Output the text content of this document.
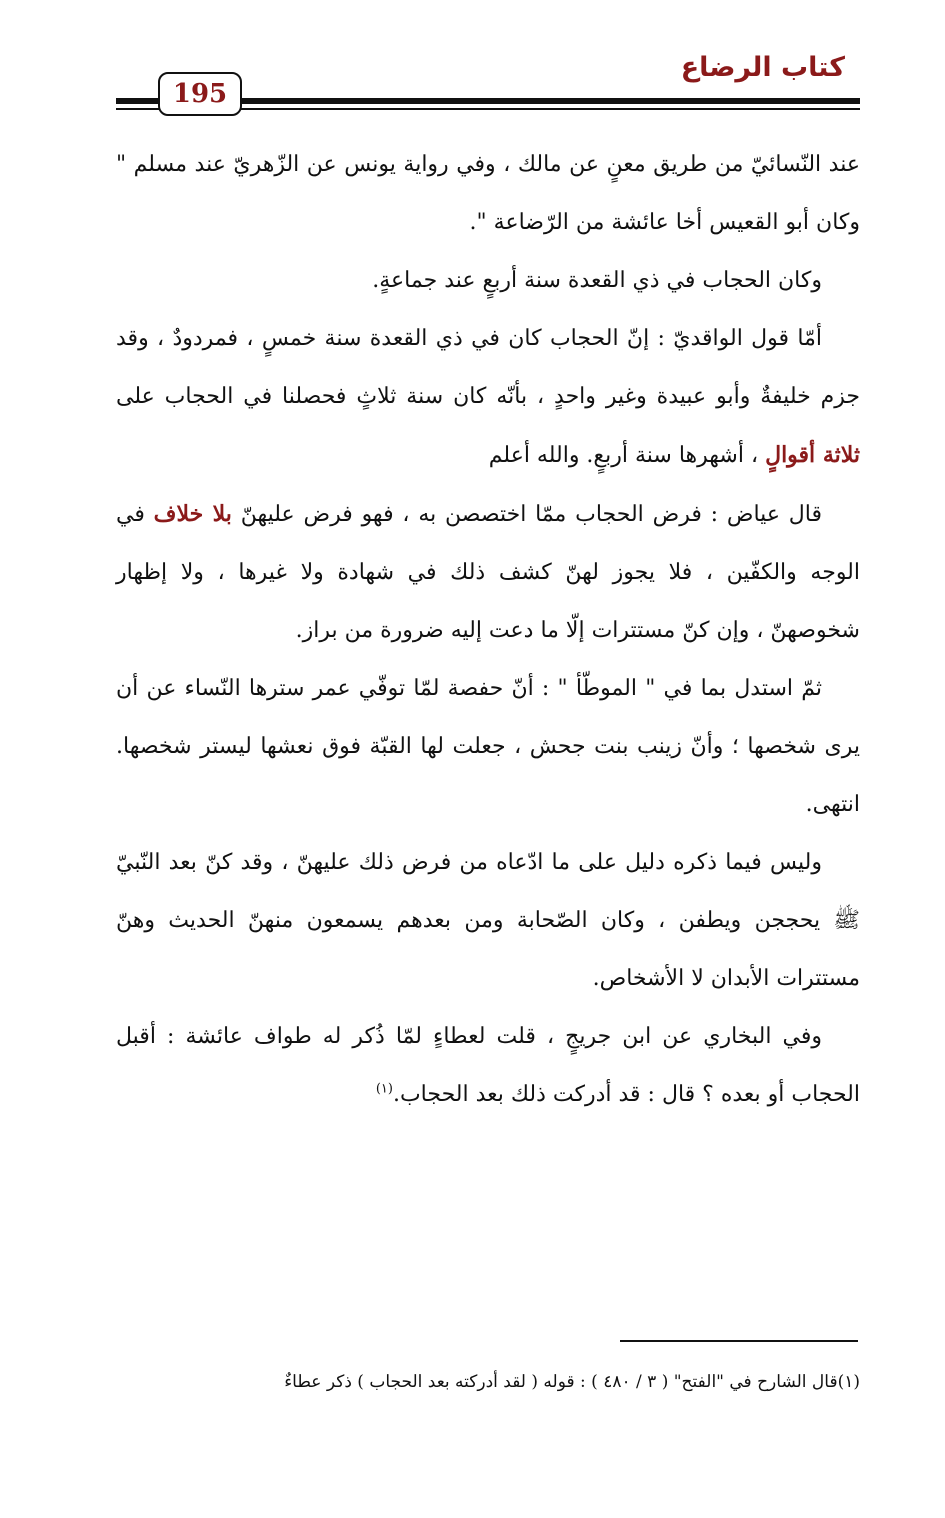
كتاب الرضاع
195

عند النّسائيّ من طريق معنٍ عن مالك ، وفي رواية يونس عن الزّهريّ عند مسلم " وكان أبو القعيس أخا عائشة من الرّضاعة ".

وكان الحجاب في ذي القعدة سنة أربعٍ عند جماعةٍ.

أمّا قول الواقديّ : إنّ الحجاب كان في ذي القعدة سنة خمسٍ ، فمردودٌ ، وقد جزم خليفةٌ وأبو عبيدة وغير واحدٍ ، بأنّه كان سنة ثلاثٍ فحصلنا في الحجاب على ثلاثة أقوالٍ ، أشهرها سنة أربعٍ. والله أعلم

قال عياض : فرض الحجاب ممّا اختصصن به ، فهو فرض عليهنّ بلا خلاف في الوجه والكفّين ، فلا يجوز لهنّ كشف ذلك في شهادة ولا غيرها ، ولا إظهار شخوصهنّ ، وإن كنّ مستترات إلّا ما دعت إليه ضرورة من براز.

ثمّ استدل بما في " الموطّأ " : أنّ حفصة لمّا توفّي عمر سترها النّساء عن أن يرى شخصها ؛ وأنّ زينب بنت جحش ، جعلت لها القبّة فوق نعشها ليستر شخصها. انتهى.

وليس فيما ذكره دليل على ما ادّعاه من فرض ذلك عليهنّ ، وقد كنّ بعد النّبيّ ﷺ يحججن ويطفن ، وكان الصّحابة ومن بعدهم يسمعون منهنّ الحديث وهنّ مستترات الأبدان لا الأشخاص.

وفي البخاري عن ابن جريجٍ ، قلت لعطاءٍ لمّا ذُكر له طواف عائشة : أقبل الحجاب أو بعده ؟ قال : قد أدركت ذلك بعد الحجاب.$^{(١)}$

(١)قال الشارح في "الفتح" ( ٣ / ٤٨٠ ) : قوله ( لقد أدركته بعد الحجاب ) ذكر عطاءٌ
